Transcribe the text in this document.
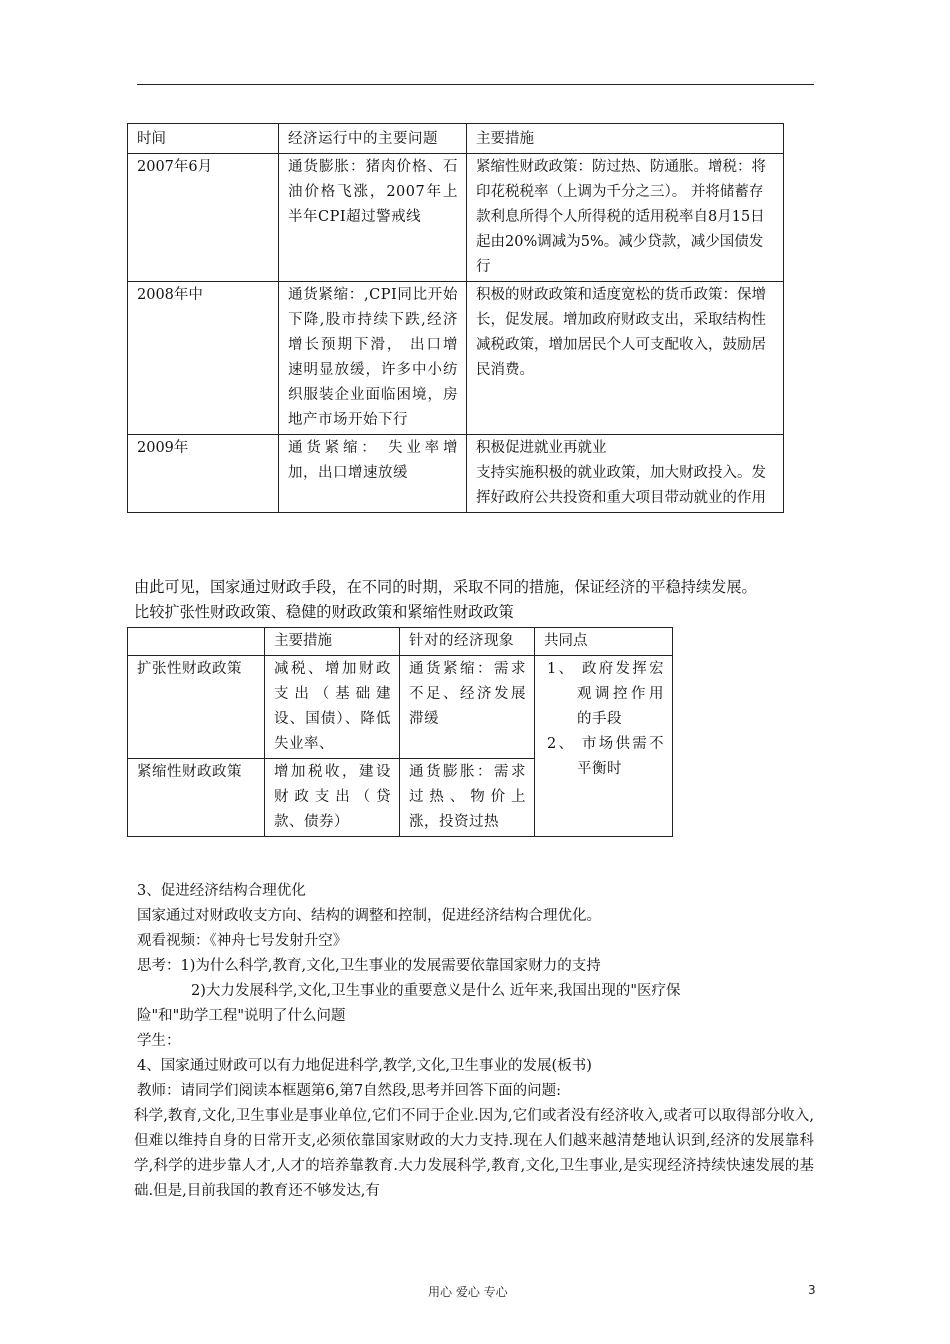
时间	经济运行中的主要问题	主要措施
2007年6月	通货膨胀：猪肉价格、石油价格飞涨，2007年上半年CPI超过警戒线	紧缩性财政政策：防过热、防通胀。增税：将印花税税率（上调为千分之三）。 并将储蓄存款利息所得个人所得税的适用税率自8月15日起由20%调减为5%。减少贷款，减少国债发行
2008年中	通货紧缩：,CPI同比开始下降,股市持续下跌,经济增长预期下滑， 出口增速明显放缓，许多中小纺织服装企业面临困境，房地产市场开始下行	积极的财政政策和适度宽松的货币政策：保增长，促发展。增加政府财政支出，采取结构性减税政策，增加居民个人可支配收入，鼓励居民消费。
2009年	通货紧缩： 失业率增加，出口增速放缓	积极促进就业再就业
支持实施积极的就业政策，加大财政投入。发挥好政府公共投资和重大项目带动就业的作用
由此可见，国家通过财政手段，在不同的时期，采取不同的措施，保证经济的平稳持续发展。
比较扩张性财政政策、稳健的财政政策和紧缩性财政政策
	主要措施	针对的经济现象	共同点
扩张性财政政策	减税、增加财政支出（基础建设、国债）、降低失业率、	通货紧缩：需求不足、经济发展滞缓	1、 政府发挥宏观调控作用的手段
2、 市场供需不平衡时

紧缩性财政政策	增加税收，建设财政支出（贷款、债券）	通货膨胀：需求过热、物价上涨，投资过热	
3、促进经济结构合理优化
国家通过对财政收支方向、结构的调整和控制，促进经济结构合理优化。
观看视频：《神舟七号发射升空》
思考：1)为什么科学,教育,文化,卫生事业的发展需要依靠国家财力的支持
2)大力发展科学,文化,卫生事业的重要意义是什么 近年来,我国出现的"医疗保
险"和"助学工程"说明了什么问题
学生：
4、国家通过财政可以有力地促进科学,教学,文化,卫生事业的发展(板书)
教师：请同学们阅读本框题第6,第7自然段,思考并回答下面的问题:
科学,教育,文化,卫生事业是事业单位,它们不同于企业.因为,它们或者没有经济收入,或者可以取得部分收入,但难以维持自身的日常开支,必须依靠国家财政的大力支持.现在人们越来越清楚地认识到,经济的发展靠科学,科学的进步靠人才,人才的培养靠教育.大力发展科学,教育,文化,卫生事业,是实现经济持续快速发展的基础.但是,目前我国的教育还不够发达,有
用心 爱心 专心	3
